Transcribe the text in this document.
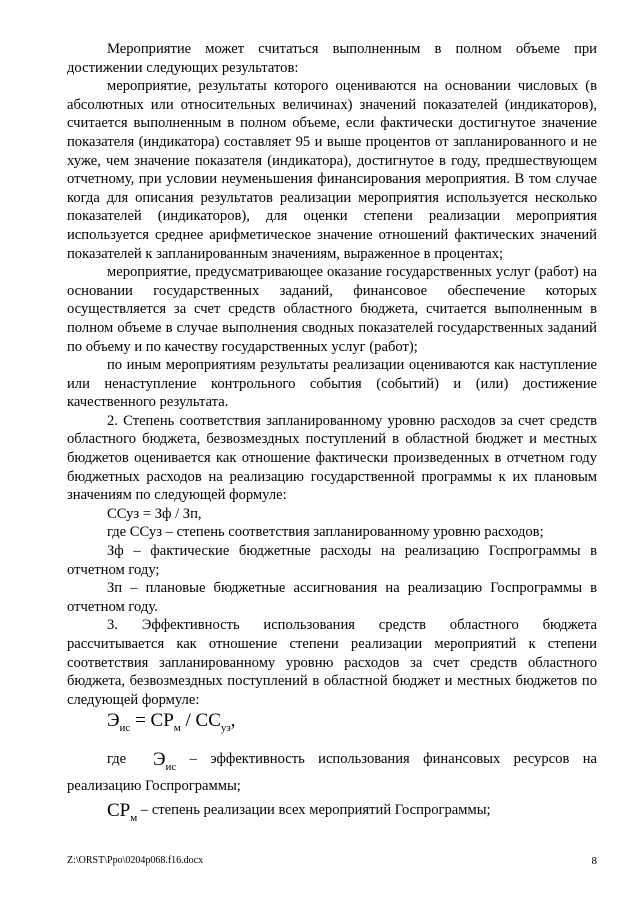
Мероприятие может считаться выполненным в полном объеме при достижении следующих результатов:

мероприятие, результаты которого оцениваются на основании числовых (в абсолютных или относительных величинах) значений показателей (индикаторов), считается выполненным в полном объеме, если фактически достигнутое значение показателя (индикатора) составляет 95 и выше процентов от запланированного и не хуже, чем значение показателя (индикатора), достигнутое в году, предшествующем отчетному, при условии неуменьшения финансирования мероприятия. В том случае когда для описания результатов реализации мероприятия используется несколько показателей (индикаторов), для оценки степени реализации мероприятия используется среднее арифметическое значение отношений фактических значений показателей к запланированным значениям, выраженное в процентах;

мероприятие, предусматривающее оказание государственных услуг (работ) на основании государственных заданий, финансовое обеспечение которых осуществляется за счет средств областного бюджета, считается выполненным в полном объеме в случае выполнения сводных показателей государственных заданий по объему и по качеству государственных услуг (работ);

по иным мероприятиям результаты реализации оцениваются как наступление или ненаступление контрольного события (событий) и (или) достижение качественного результата.

2. Степень соответствия запланированному уровню расходов за счет средств областного бюджета, безвозмездных поступлений в областной бюджет и местных бюджетов оценивается как отношение фактически произведенных в отчетном году бюджетных расходов на реализацию государственной программы к их плановым значениям по следующей формуле:

ССуз = Зф / Зп,

где ССуз – степень соответствия запланированному уровню расходов;

Зф – фактические бюджетные расходы на реализацию Госпрограммы в отчетном году;

Зп – плановые бюджетные ассигнования на реализацию Госпрограммы в отчетном году.

3. Эффективность использования средств областного бюджета рассчитывается как отношение степени реализации мероприятий к степени соответствия запланированному уровню расходов за счет средств областного бюджета, безвозмездных поступлений в областной бюджет и местных бюджетов по следующей формуле:

$Э_{ис} = СР_м / СС_{уз}$,

где $Э_{ис}$ – эффективность использования финансовых ресурсов на реализацию Госпрограммы;

$СР_м$ – степень реализации всех мероприятий Госпрограммы;

Z:\ORST\Ppo\0204p068.f16.docx	8
